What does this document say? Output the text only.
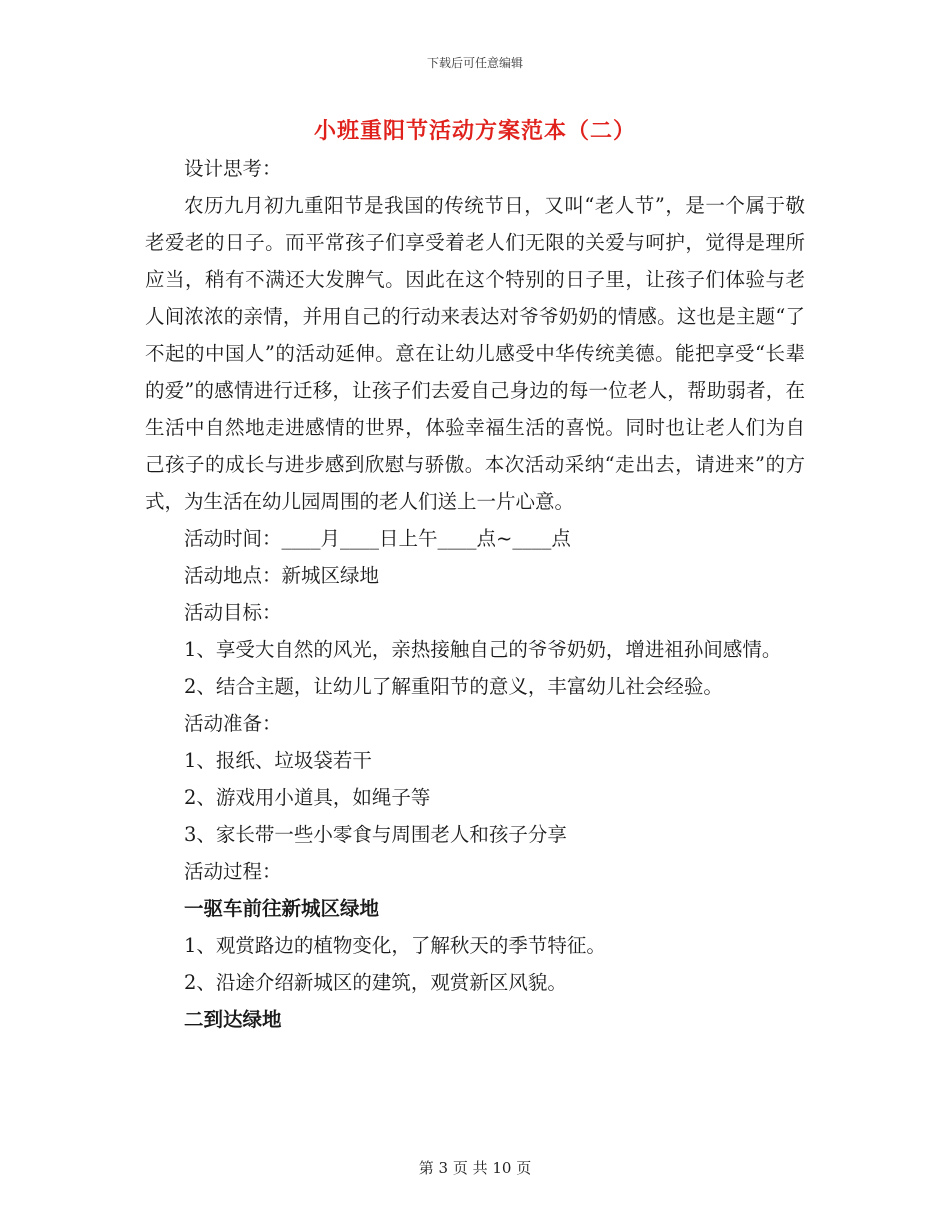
下载后可任意编辑
小班重阳节活动方案范本（二）

设计思考：

农历九月初九重阳节是我国的传统节日，又叫“老人节”，是一个属于敬老爱老的日子。而平常孩子们享受着老人们无限的关爱与呵护，觉得是理所应当，稍有不满还大发脾气。因此在这个特别的日子里，让孩子们体验与老人间浓浓的亲情，并用自己的行动来表达对爷爷奶奶的情感。这也是主题“了不起的中国人”的活动延伸。意在让幼儿感受中华传统美德。能把享受“长辈的爱”的感情进行迁移，让孩子们去爱自己身边的每一位老人，帮助弱者，在生活中自然地走进感情的世界，体验幸福生活的喜悦。同时也让老人们为自己孩子的成长与进步感到欣慰与骄傲。本次活动采纳“走出去，请进来”的方式，为生活在幼儿园周围的老人们送上一片心意。

活动时间：____月____日上午____点~____点

活动地点：新城区绿地

活动目标：

1、享受大自然的风光，亲热接触自己的爷爷奶奶，增进祖孙间感情。

2、结合主题，让幼儿了解重阳节的意义，丰富幼儿社会经验。

活动准备：

1、报纸、垃圾袋若干

2、游戏用小道具，如绳子等

3、家长带一些小零食与周围老人和孩子分享

活动过程：

一驱车前往新城区绿地

1、观赏路边的植物变化，了解秋天的季节特征。

2、沿途介绍新城区的建筑，观赏新区风貌。

二到达绿地

第 3 页 共 10 页
